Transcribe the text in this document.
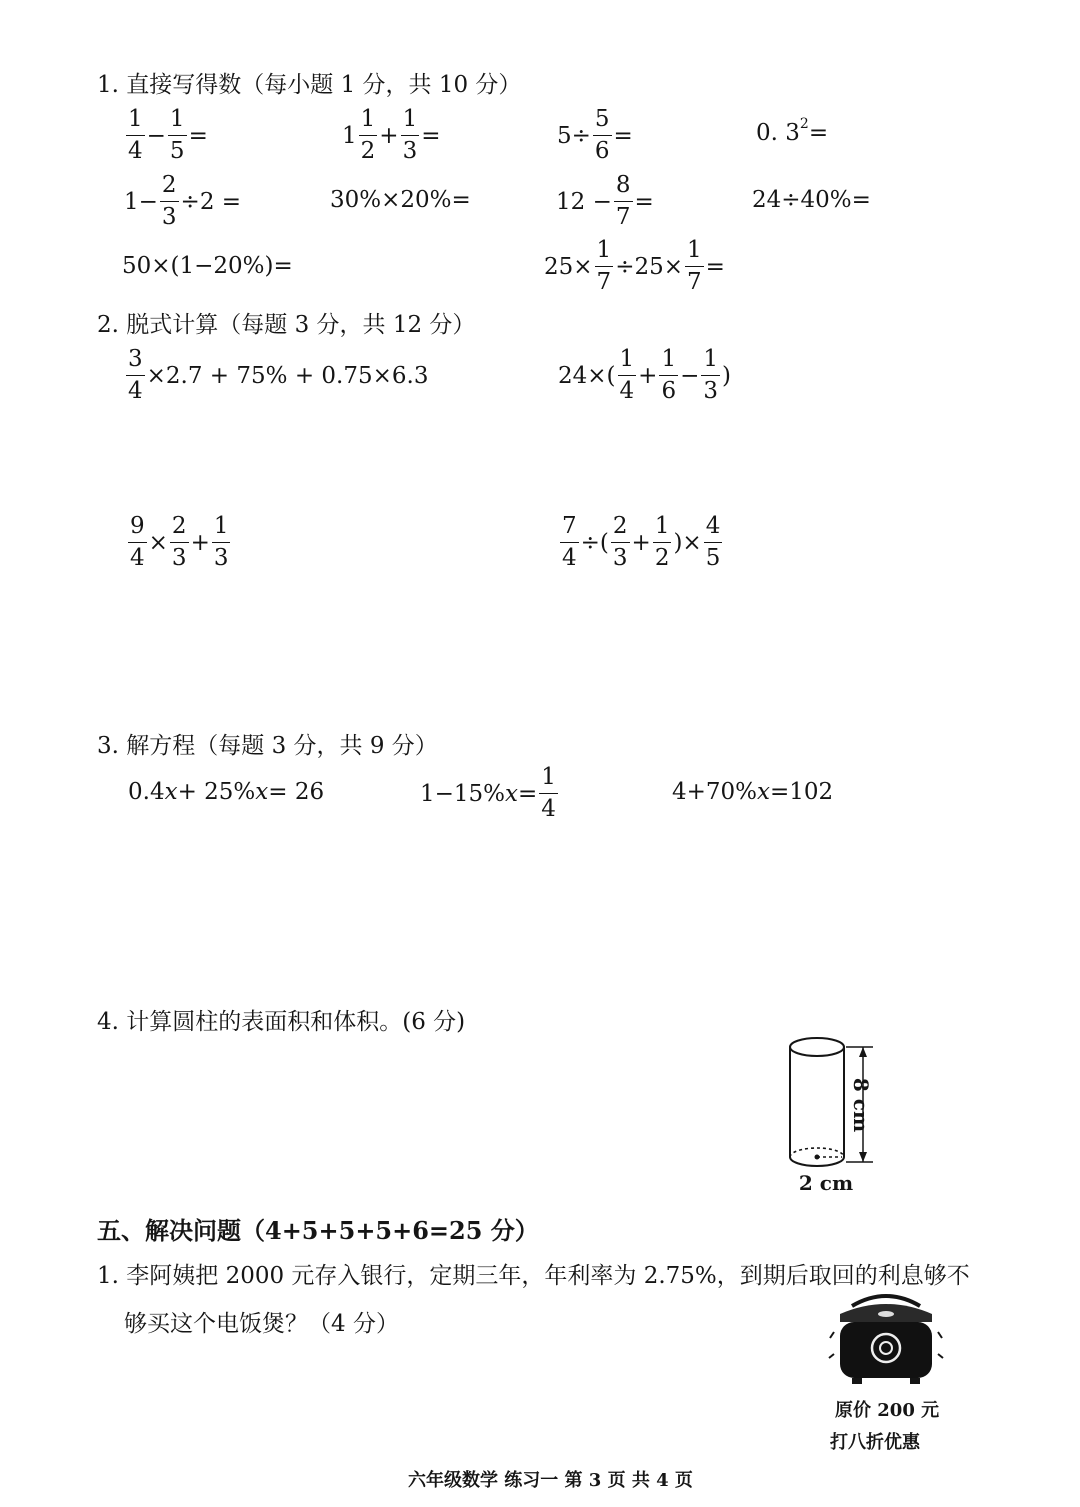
1. 直接写得数（每小题 1 分，共 10 分）
$\frac{1}{4} - \frac{1}{5}$ =	$1 \frac{1}{2} + \frac{1}{3}$ =	$5\div \frac{5}{6}$ =	0. 3 2 =
$1- \frac{2}{3} \div 2$ =	30%×20%=	$12 - \frac{8}{7}$ =	24÷40%=
50×(1−20%)=	$25\times \frac{1}{7} \div 25\times \frac{1}{7}$ =
2. 脱式计算（每题 3 分，共 12 分）
$\frac{3}{4} \times 2.7 + 75\% + 0.75\times 6.3$	$24\times( \frac{1}{4} + \frac{1}{6} - \frac{1}{3}$ )
$\frac{9}{4} \times \frac{2}{3} + \frac{1}{3}$	$\frac{7}{4}$ ÷( $\frac{2}{3} + \frac{1}{2}$ )× $\frac{4}{5}$
3. 解方程（每题 3 分，共 9 分）
0.4 x + 25% x = 26	1−15% $x = \frac{1}{4}$	4+70% x =102
4. 计算圆柱的表面积和体积。(6 分)
8 cm
2 cm
五、解决问题（4+5+5+5+6=25 分）
1. 李阿姨把 2000 元存入银行，定期三年，年利率为 2.75%，到期后取回的利息够不
够买这个电饭煲？（4 分）
原价 200 元
打八折优惠
六年级数学 练习一 第 3 页 共 4 页
